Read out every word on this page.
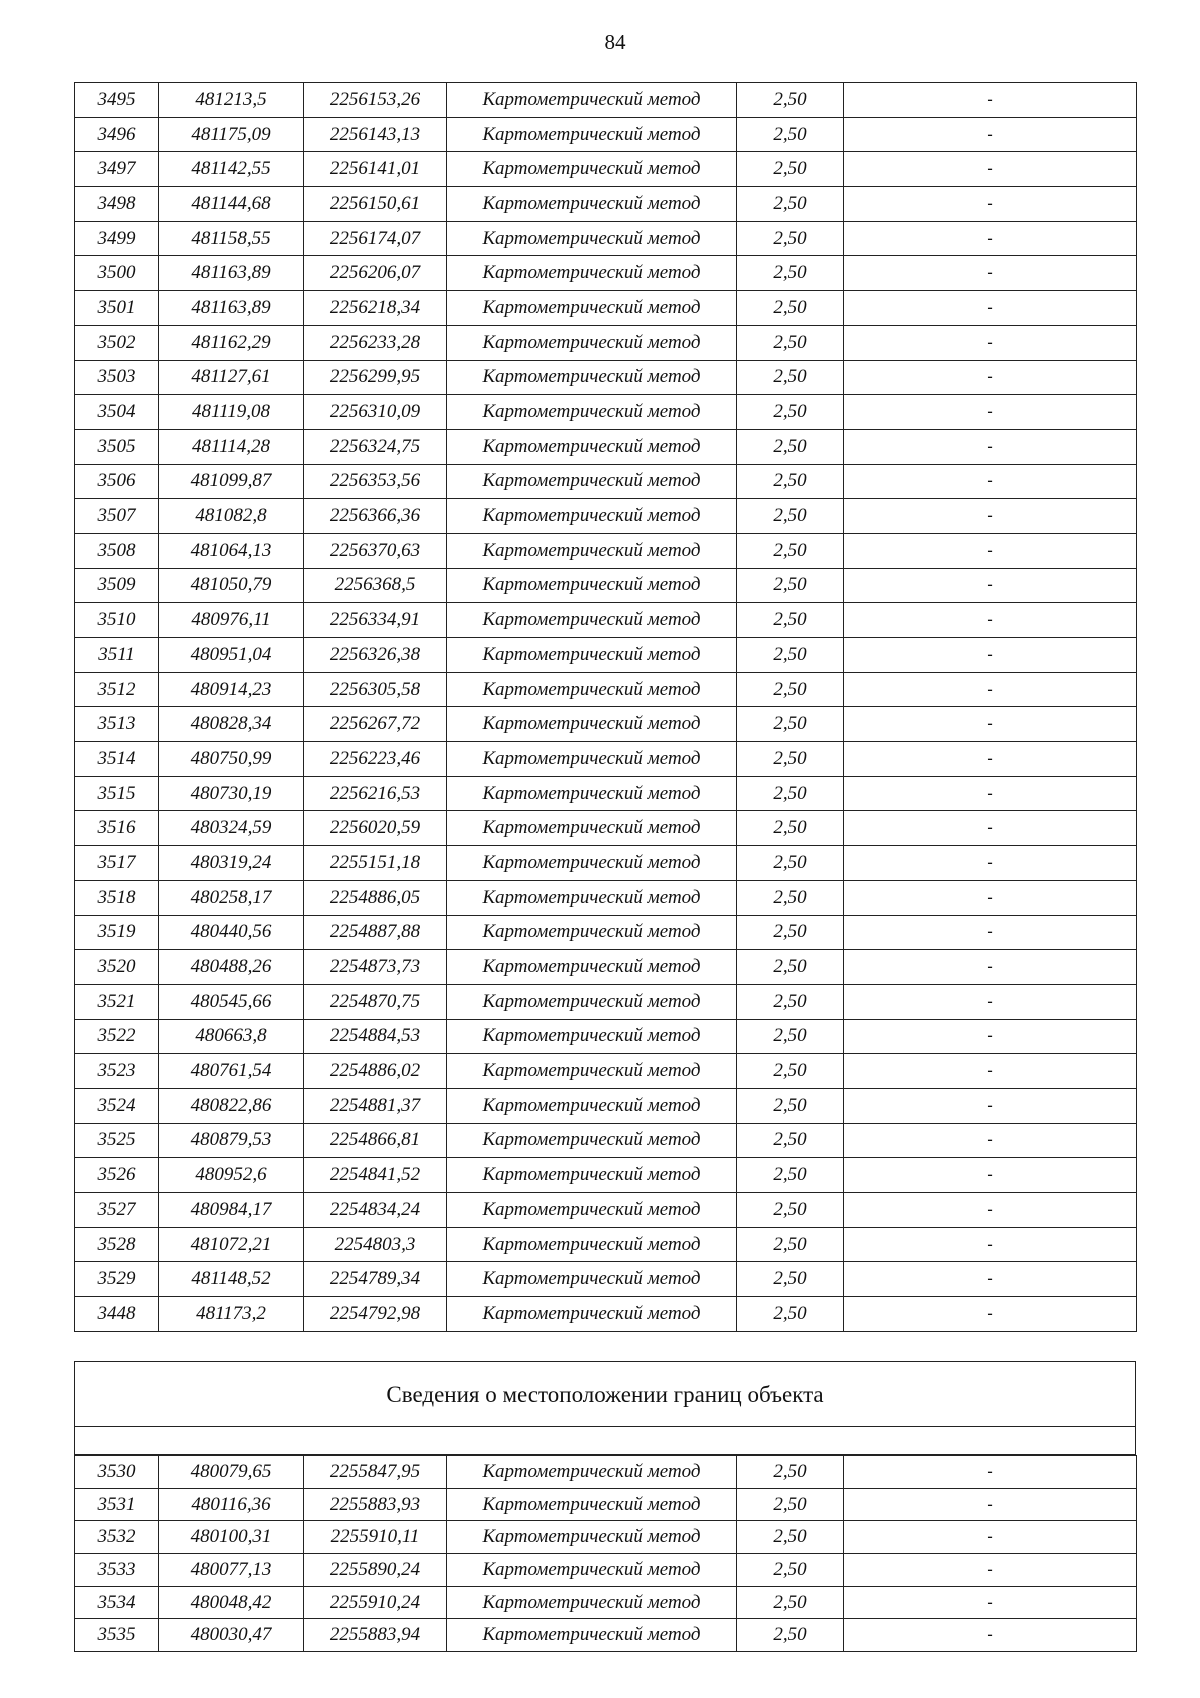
84
3495	481213,5	2256153,26	Картометрический метод	2,50	-
3496	481175,09	2256143,13	Картометрический метод	2,50	-
3497	481142,55	2256141,01	Картометрический метод	2,50	-
3498	481144,68	2256150,61	Картометрический метод	2,50	-
3499	481158,55	2256174,07	Картометрический метод	2,50	-
3500	481163,89	2256206,07	Картометрический метод	2,50	-
3501	481163,89	2256218,34	Картометрический метод	2,50	-
3502	481162,29	2256233,28	Картометрический метод	2,50	-
3503	481127,61	2256299,95	Картометрический метод	2,50	-
3504	481119,08	2256310,09	Картометрический метод	2,50	-
3505	481114,28	2256324,75	Картометрический метод	2,50	-
3506	481099,87	2256353,56	Картометрический метод	2,50	-
3507	481082,8	2256366,36	Картометрический метод	2,50	-
3508	481064,13	2256370,63	Картометрический метод	2,50	-
3509	481050,79	2256368,5	Картометрический метод	2,50	-
3510	480976,11	2256334,91	Картометрический метод	2,50	-
3511	480951,04	2256326,38	Картометрический метод	2,50	-
3512	480914,23	2256305,58	Картометрический метод	2,50	-
3513	480828,34	2256267,72	Картометрический метод	2,50	-
3514	480750,99	2256223,46	Картометрический метод	2,50	-
3515	480730,19	2256216,53	Картометрический метод	2,50	-
3516	480324,59	2256020,59	Картометрический метод	2,50	-
3517	480319,24	2255151,18	Картометрический метод	2,50	-
3518	480258,17	2254886,05	Картометрический метод	2,50	-
3519	480440,56	2254887,88	Картометрический метод	2,50	-
3520	480488,26	2254873,73	Картометрический метод	2,50	-
3521	480545,66	2254870,75	Картометрический метод	2,50	-
3522	480663,8	2254884,53	Картометрический метод	2,50	-
3523	480761,54	2254886,02	Картометрический метод	2,50	-
3524	480822,86	2254881,37	Картометрический метод	2,50	-
3525	480879,53	2254866,81	Картометрический метод	2,50	-
3526	480952,6	2254841,52	Картометрический метод	2,50	-
3527	480984,17	2254834,24	Картометрический метод	2,50	-
3528	481072,21	2254803,3	Картометрический метод	2,50	-
3529	481148,52	2254789,34	Картометрический метод	2,50	-
3448	481173,2	2254792,98	Картометрический метод	2,50	-
Сведения о местоположении границ объекта
3530	480079,65	2255847,95	Картометрический метод	2,50	-
3531	480116,36	2255883,93	Картометрический метод	2,50	-
3532	480100,31	2255910,11	Картометрический метод	2,50	-
3533	480077,13	2255890,24	Картометрический метод	2,50	-
3534	480048,42	2255910,24	Картометрический метод	2,50	-
3535	480030,47	2255883,94	Картометрический метод	2,50	-
